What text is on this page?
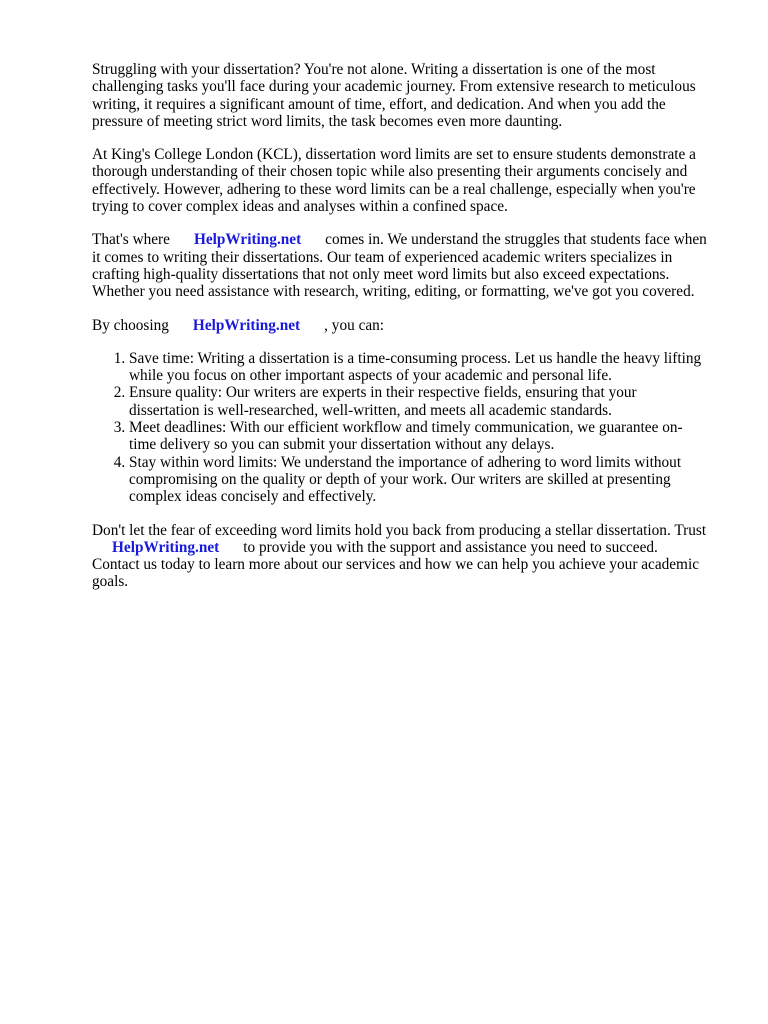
Struggling with your dissertation? You're not alone. Writing a dissertation is one of the most challenging tasks you'll face during your academic journey. From extensive research to meticulous writing, it requires a significant amount of time, effort, and dedication. And when you add the pressure of meeting strict word limits, the task becomes even more daunting.

At King's College London (KCL), dissertation word limits are set to ensure students demonstrate a thorough understanding of their chosen topic while also presenting their arguments concisely and effectively. However, adhering to these word limits can be a real challenge, especially when you're trying to cover complex ideas and analyses within a confined space.

That's where HelpWriting.net comes in. We understand the struggles that students face when it comes to writing their dissertations. Our team of experienced academic writers specializes in crafting high-quality dissertations that not only meet word limits but also exceed expectations. Whether you need assistance with research, writing, editing, or formatting, we've got you covered.

By choosing HelpWriting.net , you can:

1. Save time: Writing a dissertation is a time-consuming process. Let us handle the heavy lifting while you focus on other important aspects of your academic and personal life.
2. Ensure quality: Our writers are experts in their respective fields, ensuring that your dissertation is well-researched, well-written, and meets all academic standards.
3. Meet deadlines: With our efficient workflow and timely communication, we guarantee on-time delivery so you can submit your dissertation without any delays.
4. Stay within word limits: We understand the importance of adhering to word limits without compromising on the quality or depth of your work. Our writers are skilled at presenting complex ideas concisely and effectively.

Don't let the fear of exceeding word limits hold you back from producing a stellar dissertation. Trust HelpWriting.net to provide you with the support and assistance you need to succeed. Contact us today to learn more about our services and how we can help you achieve your academic goals.
